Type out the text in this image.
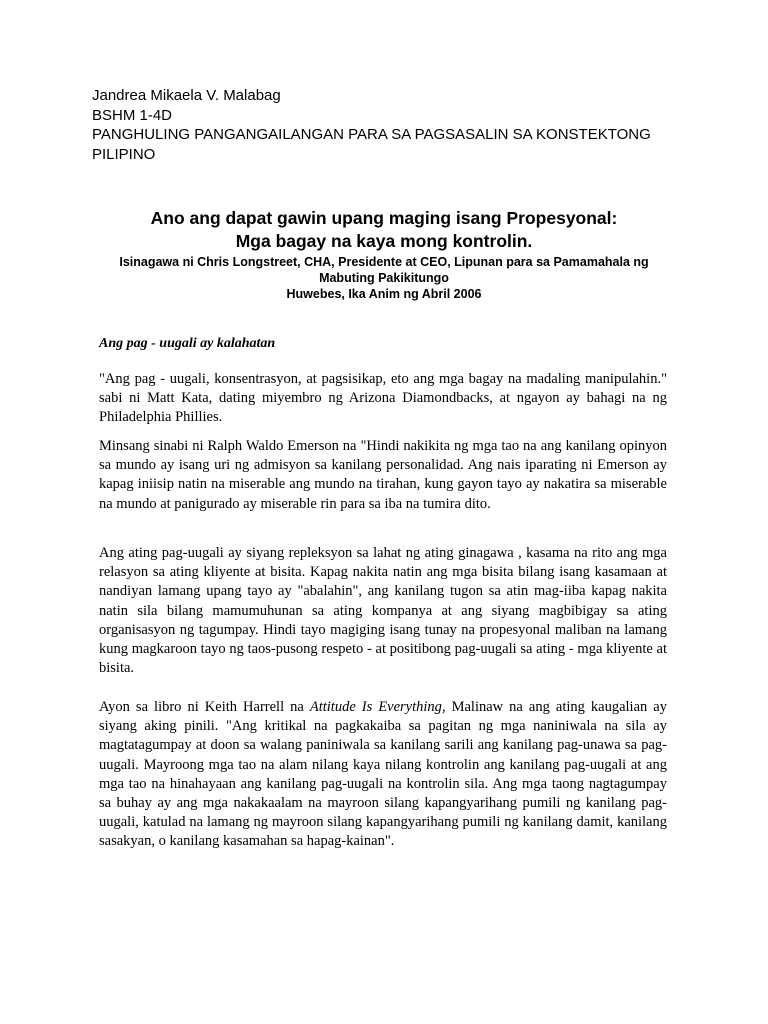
Jandrea Mikaela V. Malabag
BSHM 1-4D
PANGHULING PANGANGAILANGAN PARA SA PAGSASALIN SA KONSTEKTONG
PILIPINO
Ano ang dapat gawin upang maging isang Propesyonal:
Mga bagay na kaya mong kontrolin.
Isinagawa ni Chris Longstreet, CHA, Presidente at CEO, Lipunan para sa Pamamahala ng
Mabuting Pakikitungo
Huwebes, Ika Anim ng Abril 2006
Ang pag - uugali ay kalahatan

"Ang pag - uugali, konsentrasyon, at pagsisikap, eto ang mga bagay na madaling manipulahin." sabi ni Matt Kata, dating miyembro ng Arizona Diamondbacks, at ngayon ay bahagi na ng Philadelphia Phillies.

Minsang sinabi ni Ralph Waldo Emerson na "Hindi nakikita ng mga tao na ang kanilang opinyon sa mundo ay isang uri ng admisyon sa kanilang personalidad. Ang nais iparating ni Emerson ay kapag iniisip natin na miserable ang mundo na tirahan, kung gayon tayo ay nakatira sa miserable na mundo at panigurado ay miserable rin para sa iba na tumira dito.

Ang ating pag-uugali ay siyang repleksyon sa lahat ng ating ginagawa , kasama na rito ang mga relasyon sa ating kliyente at bisita. Kapag nakita natin ang mga bisita bilang isang kasamaan at nandiyan lamang upang tayo ay "abalahin", ang kanilang tugon sa atin mag-iiba kapag nakita natin sila bilang mamumuhunan sa ating kompanya at ang siyang magbibigay sa ating organisasyon ng tagumpay. Hindi tayo magiging isang tunay na propesyonal maliban na lamang kung magkaroon tayo ng taos-pusong respeto - at positibong pag-uugali sa ating - mga kliyente at bisita.

Ayon sa libro ni Keith Harrell na Attitude Is Everything, Malinaw na ang ating kaugalian ay siyang aking pinili. "Ang kritikal na pagkakaiba sa pagitan ng mga naniniwala na sila ay magtatagumpay at doon sa walang paniniwala sa kanilang sarili ang kanilang pag-unawa sa pag-uugali. Mayroong mga tao na alam nilang kaya nilang kontrolin ang kanilang pag-uugali at ang mga tao na hinahayaan ang kanilang pag-uugali na kontrolin sila. Ang mga taong nagtagumpay sa buhay ay ang mga nakakaalam na mayroon silang kapangyarihang pumili ng kanilang pag-uugali, katulad na lamang ng mayroon silang kapangyarihang pumili ng kanilang damit, kanilang sasakyan, o kanilang kasamahan sa hapag-kainan".
